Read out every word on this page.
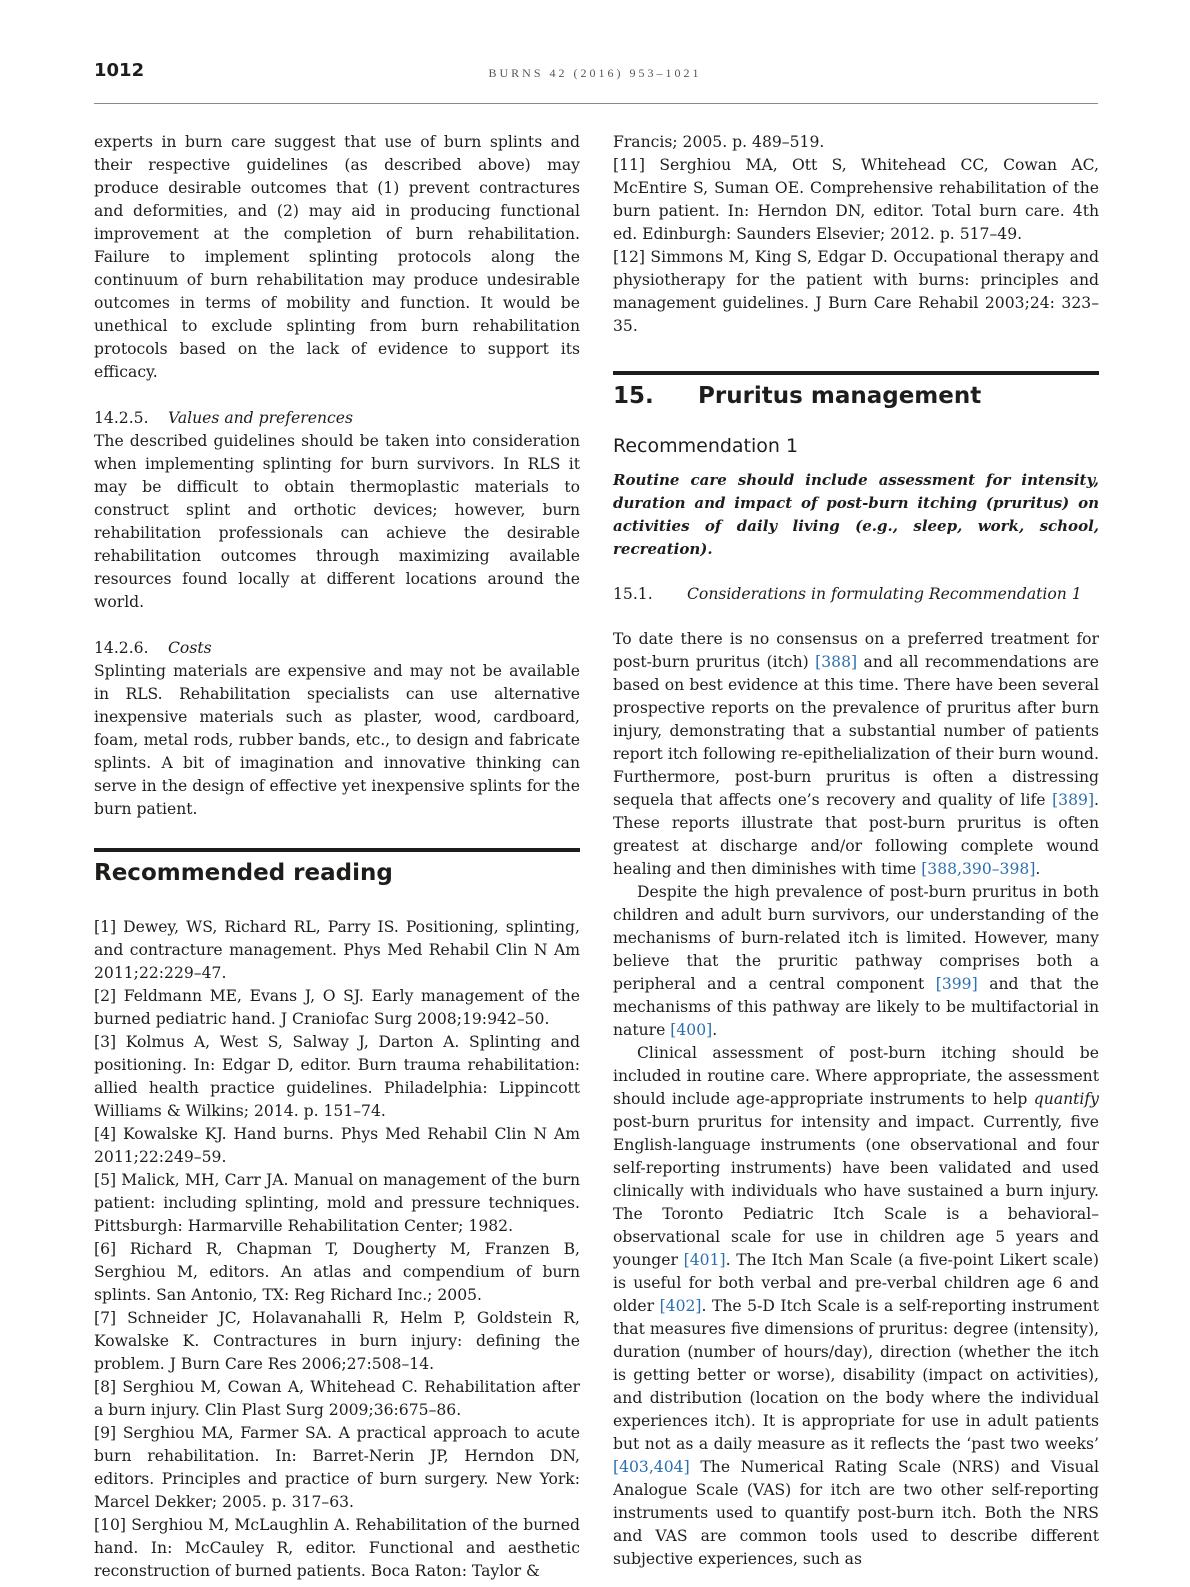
1012	BURNS 42 (2016) 953–1021

experts in burn care suggest that use of burn splints and their respective guidelines (as described above) may produce desirable outcomes that (1) prevent contractures and deformities, and (2) may aid in producing functional improvement at the completion of burn rehabilitation. Failure to implement splinting protocols along the continuum of burn rehabilitation may produce undesirable outcomes in terms of mobility and function. It would be unethical to exclude splinting from burn rehabilitation protocols based on the lack of evidence to support its efficacy.

14.2.5. Values and preferences

The described guidelines should be taken into consideration when implementing splinting for burn survivors. In RLS it may be difficult to obtain thermoplastic materials to construct splint and orthotic devices; however, burn rehabilitation professionals can achieve the desirable rehabilitation outcomes through maximizing available resources found locally at different locations around the world.

14.2.6. Costs

Splinting materials are expensive and may not be available in RLS. Rehabilitation specialists can use alternative inexpensive materials such as plaster, wood, cardboard, foam, metal rods, rubber bands, etc., to design and fabricate splints. A bit of imagination and innovative thinking can serve in the design of effective yet inexpensive splints for the burn patient.

Recommended reading

[1] Dewey, WS, Richard RL, Parry IS. Positioning, splinting, and contracture management. Phys Med Rehabil Clin N Am 2011;22:229–47.

[2] Feldmann ME, Evans J, O SJ. Early management of the burned pediatric hand. J Craniofac Surg 2008;19:942–50.

[3] Kolmus A, West S, Salway J, Darton A. Splinting and positioning. In: Edgar D, editor. Burn trauma rehabilitation: allied health practice guidelines. Philadelphia: Lippincott Williams & Wilkins; 2014. p. 151–74.

[4] Kowalske KJ. Hand burns. Phys Med Rehabil Clin N Am 2011;22:249–59.

[5] Malick, MH, Carr JA. Manual on management of the burn patient: including splinting, mold and pressure techniques. Pittsburgh: Harmarville Rehabilitation Center; 1982.

[6] Richard R, Chapman T, Dougherty M, Franzen B, Serghiou M, editors. An atlas and compendium of burn splints. San Antonio, TX: Reg Richard Inc.; 2005.

[7] Schneider JC, Holavanahalli R, Helm P, Goldstein R, Kowalske K. Contractures in burn injury: defining the problem. J Burn Care Res 2006;27:508–14.

[8] Serghiou M, Cowan A, Whitehead C. Rehabilitation after a burn injury. Clin Plast Surg 2009;36:675–86.

[9] Serghiou MA, Farmer SA. A practical approach to acute burn rehabilitation. In: Barret-Nerin JP, Herndon DN, editors. Principles and practice of burn surgery. New York: Marcel Dekker; 2005. p. 317–63.

[10] Serghiou M, McLaughlin A. Rehabilitation of the burned hand. In: McCauley R, editor. Functional and aesthetic reconstruction of burned patients. Boca Raton: Taylor &

Francis; 2005. p. 489–519.

[11] Serghiou MA, Ott S, Whitehead CC, Cowan AC, McEntire S, Suman OE. Comprehensive rehabilitation of the burn patient. In: Herndon DN, editor. Total burn care. 4th ed. Edinburgh: Saunders Elsevier; 2012. p. 517–49.

[12] Simmons M, King S, Edgar D. Occupational therapy and physiotherapy for the patient with burns: principles and management guidelines. J Burn Care Rehabil 2003;24: 323–35.

15. Pruritus management
Recommendation 1

Routine care should include assessment for intensity, duration and impact of post-burn itching (pruritus) on activities of daily living (e.g., sleep, work, school, recreation).

15.1. Considerations in formulating Recommendation 1

To date there is no consensus on a preferred treatment for post-burn pruritus (itch) [388] and all recommendations are based on best evidence at this time. There have been several prospective reports on the prevalence of pruritus after burn injury, demonstrating that a substantial number of patients report itch following re-epithelialization of their burn wound. Furthermore, post-burn pruritus is often a distressing sequela that affects one’s recovery and quality of life [389]. These reports illustrate that post-burn pruritus is often greatest at discharge and/or following complete wound healing and then diminishes with time [388,390–398].

Despite the high prevalence of post-burn pruritus in both children and adult burn survivors, our understanding of the mechanisms of burn-related itch is limited. However, many believe that the pruritic pathway comprises both a peripheral and a central component [399] and that the mechanisms of this pathway are likely to be multifactorial in nature [400].

Clinical assessment of post-burn itching should be included in routine care. Where appropriate, the assessment should include age-appropriate instruments to help quantify post-burn pruritus for intensity and impact. Currently, five English-language instruments (one observational and four self-reporting instruments) have been validated and used clinically with individuals who have sustained a burn injury. The Toronto Pediatric Itch Scale is a behavioral–observational scale for use in children age 5 years and younger [401]. The Itch Man Scale (a five-point Likert scale) is useful for both verbal and pre-verbal children age 6 and older [402]. The 5-D Itch Scale is a self-reporting instrument that measures five dimensions of pruritus: degree (intensity), duration (number of hours/day), direction (whether the itch is getting better or worse), disability (impact on activities), and distribution (location on the body where the individual experiences itch). It is appropriate for use in adult patients but not as a daily measure as it reflects the ‘past two weeks’ [403,404] The Numerical Rating Scale (NRS) and Visual Analogue Scale (VAS) for itch are two other self-reporting instruments used to quantify post-burn itch. Both the NRS and VAS are common tools used to describe different subjective experiences, such as
